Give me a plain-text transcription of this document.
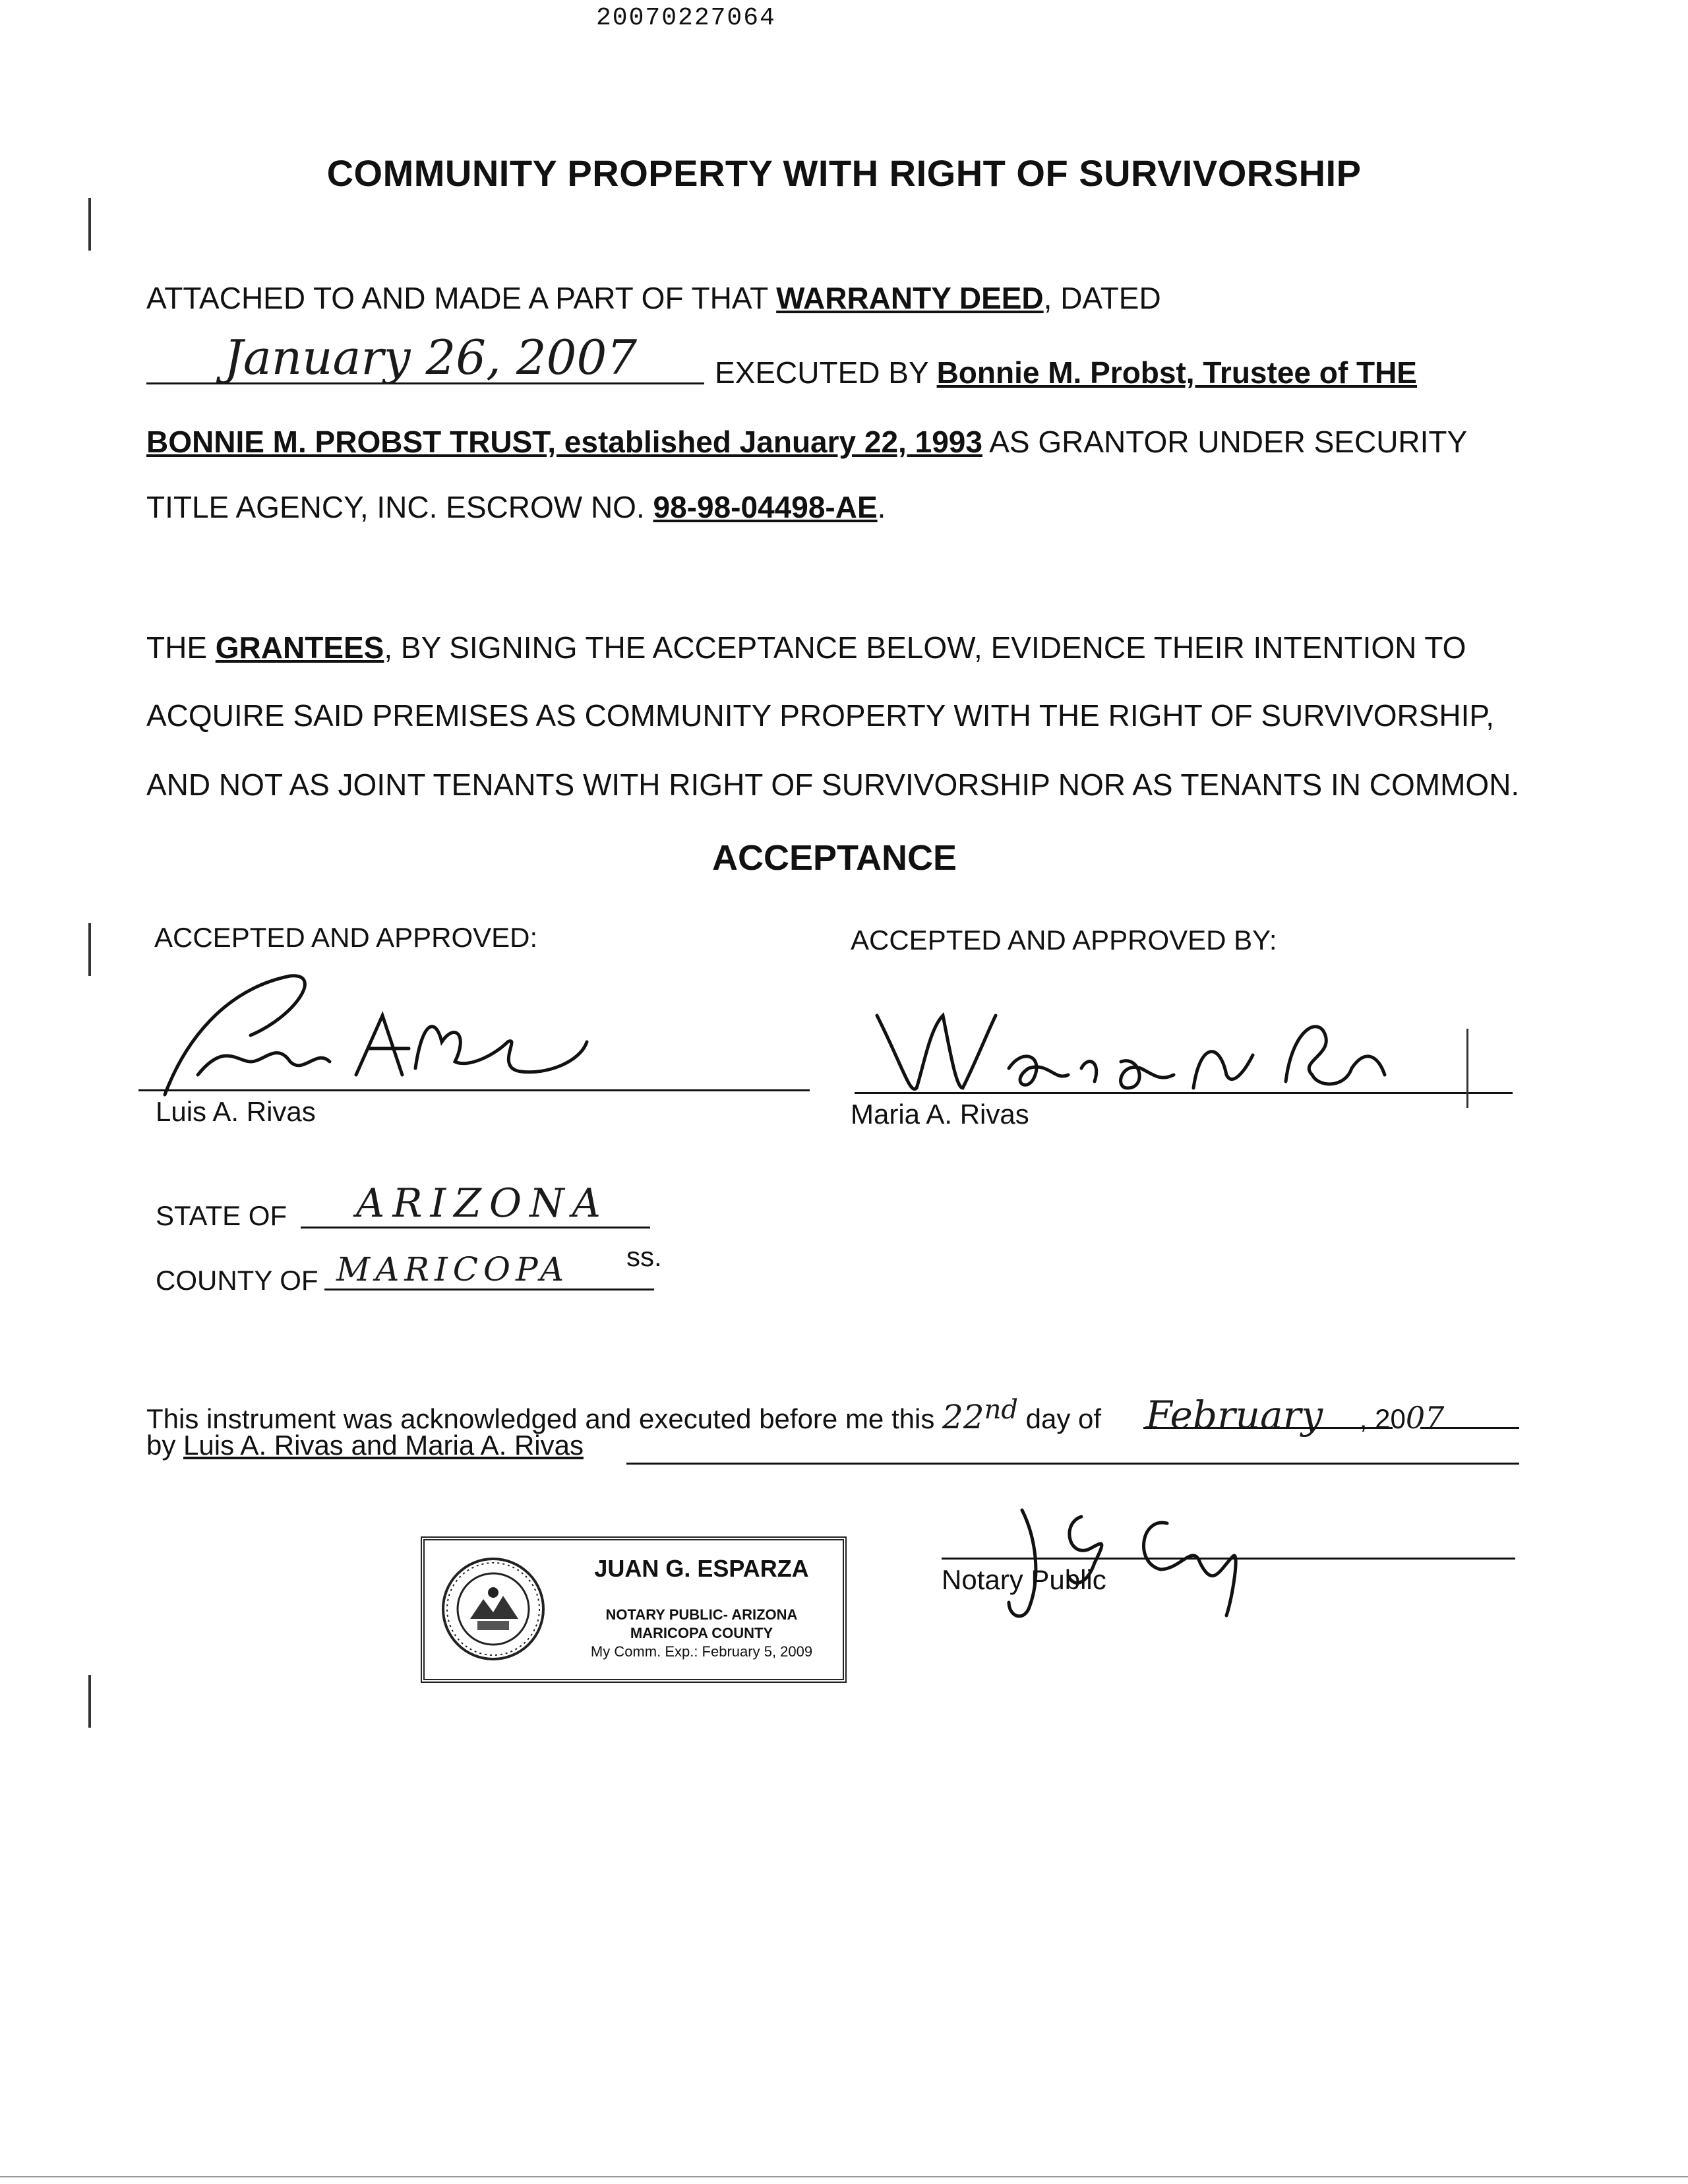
20070227064
COMMUNITY PROPERTY WITH RIGHT OF SURVIVORSHIP
ATTACHED TO AND MADE A PART OF THAT WARRANTY DEED, DATED
January 26, 2007	EXECUTED BY Bonnie M. Probst, Trustee of THE
BONNIE M. PROBST TRUST, established January 22, 1993 AS GRANTOR UNDER SECURITY
TITLE AGENCY, INC. ESCROW NO. 98-98-04498-AE.
THE GRANTEES, BY SIGNING THE ACCEPTANCE BELOW, EVIDENCE THEIR INTENTION TO
ACQUIRE SAID PREMISES AS COMMUNITY PROPERTY WITH THE RIGHT OF SURVIVORSHIP,
AND NOT AS JOINT TENANTS WITH RIGHT OF SURVIVORSHIP NOR AS TENANTS IN COMMON.
ACCEPTANCE
ACCEPTED AND APPROVED:	ACCEPTED AND APPROVED BY:
Luis A. Rivas	Maria A. Rivas
STATE OF ARIZONA
ss.
COUNTY OF MARICOPA
This instrument was acknowledged and executed before me this 22nd day of February , 2007
by Luis A. Rivas and Maria A. Rivas
JUAN G. ESPARZA
NOTARY PUBLIC- ARIZONA
MARICOPA COUNTY
My Comm. Exp.: February 5, 2009
Notary Public
